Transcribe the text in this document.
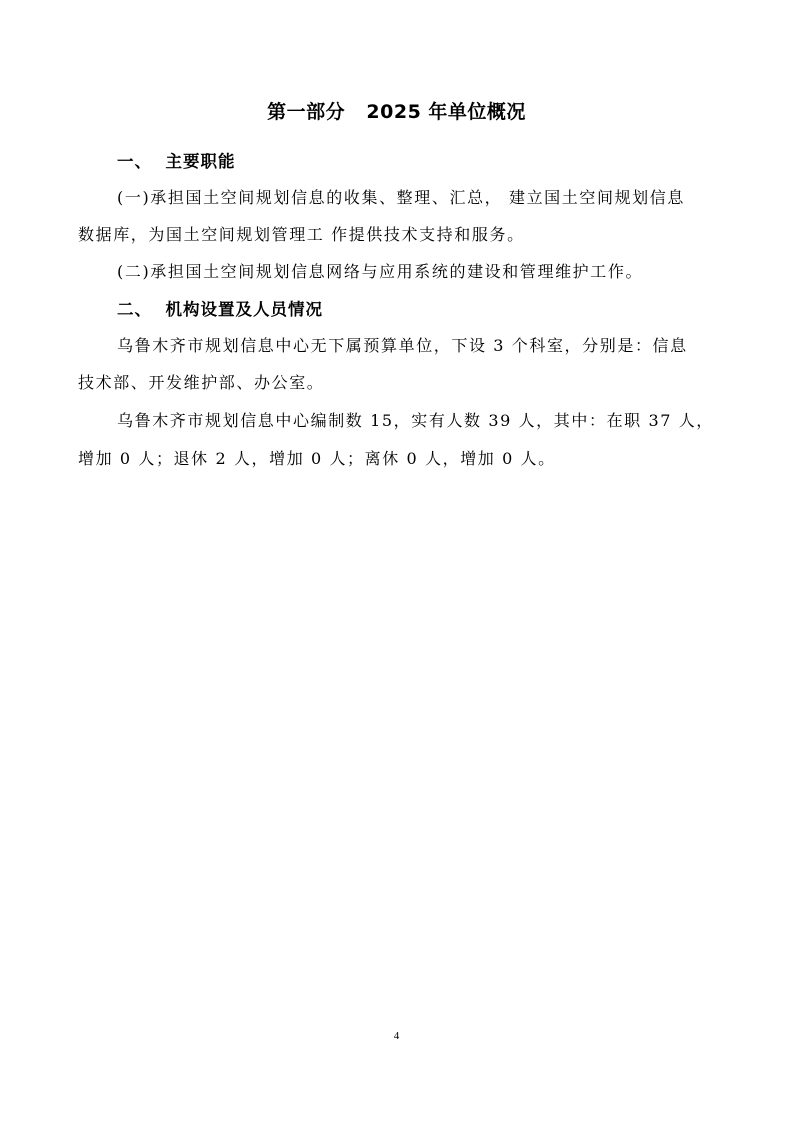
第一部分   2025 年单位概况
一、  主要职能
(一)承担国土空间规划信息的收集、整理、汇总， 建立国土空间规划信息
数据库，为国土空间规划管理工 作提供技术支持和服务。
(二)承担国土空间规划信息网络与应用系统的建设和管理维护工作。
二、  机构设置及人员情况
乌鲁木齐市规划信息中心无下属预算单位，下设 3 个科室，分别是：信息
技术部、开发维护部、办公室。
乌鲁木齐市规划信息中心编制数 15，实有人数 39 人，其中：在职 37 人，
增加 0 人；退休 2 人，增加 0 人；离休 0 人，增加 0 人。
4
